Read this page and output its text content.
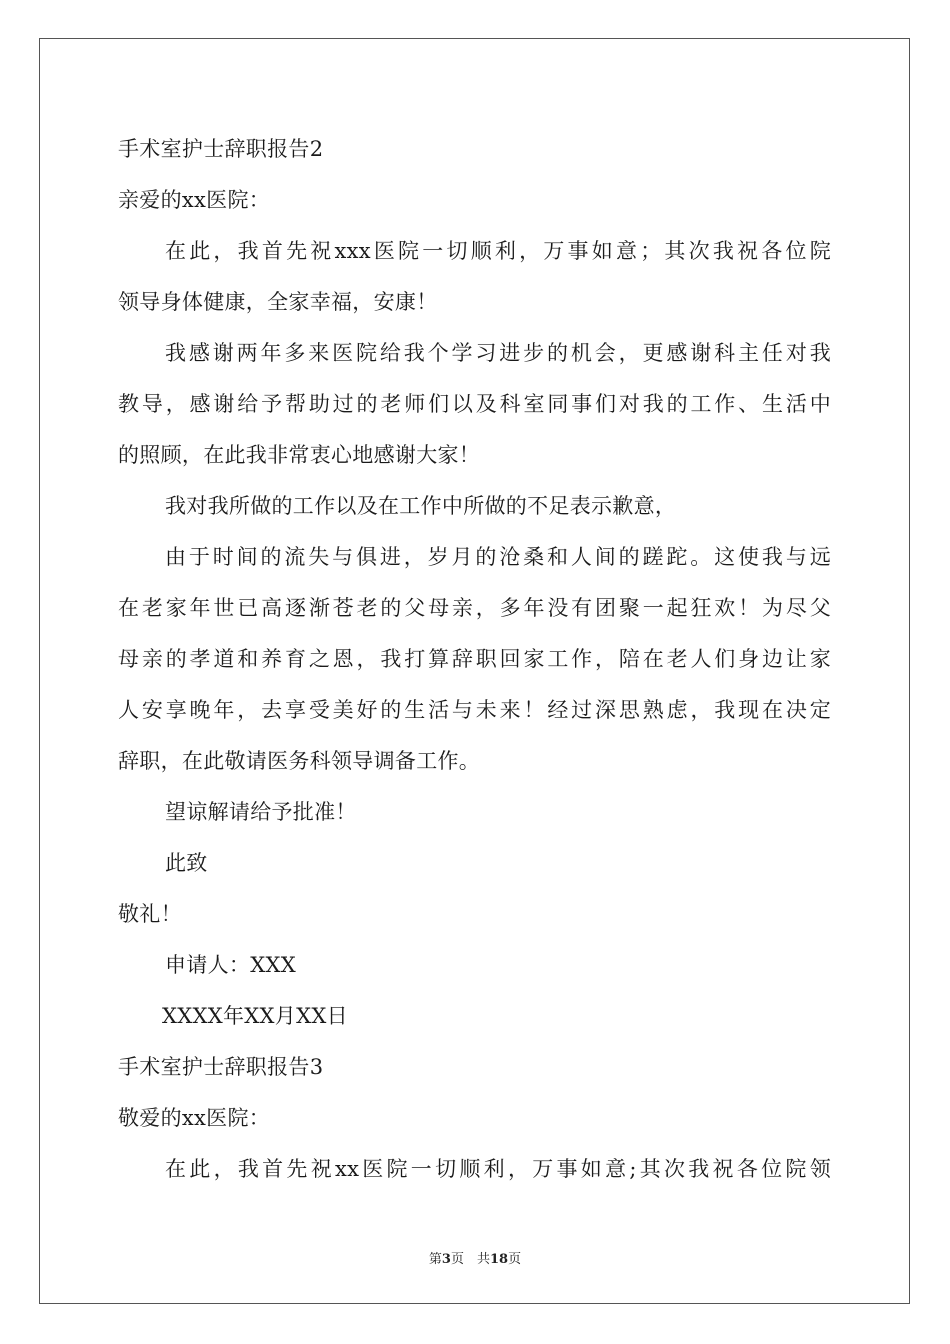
手术室护士辞职报告2
亲爱的xx医院：
在此，我首先祝xxx医院一切顺利，万事如意；其次我祝各位院
领导身体健康，全家幸福，安康！
我感谢两年多来医院给我个学习进步的机会，更感谢科主任对我
教导，感谢给予帮助过的老师们以及科室同事们对我的工作、生活中
的照顾，在此我非常衷心地感谢大家！
我对我所做的工作以及在工作中所做的不足表示歉意，
由于时间的流失与俱进，岁月的沧桑和人间的蹉跎。这使我与远
在老家年世已高逐渐苍老的父母亲，多年没有团聚一起狂欢！为尽父
母亲的孝道和养育之恩，我打算辞职回家工作，陪在老人们身边让家
人安享晚年，去享受美好的生活与未来！经过深思熟虑，我现在决定
辞职，在此敬请医务科领导调备工作。
望谅解请给予批准！
此致
敬礼！
申请人：XXX
XXXX年XX月XX日
手术室护士辞职报告3
敬爱的xx医院：
在此，我首先祝xx医院一切顺利，万事如意;其次我祝各位院领
第3页　共18页
